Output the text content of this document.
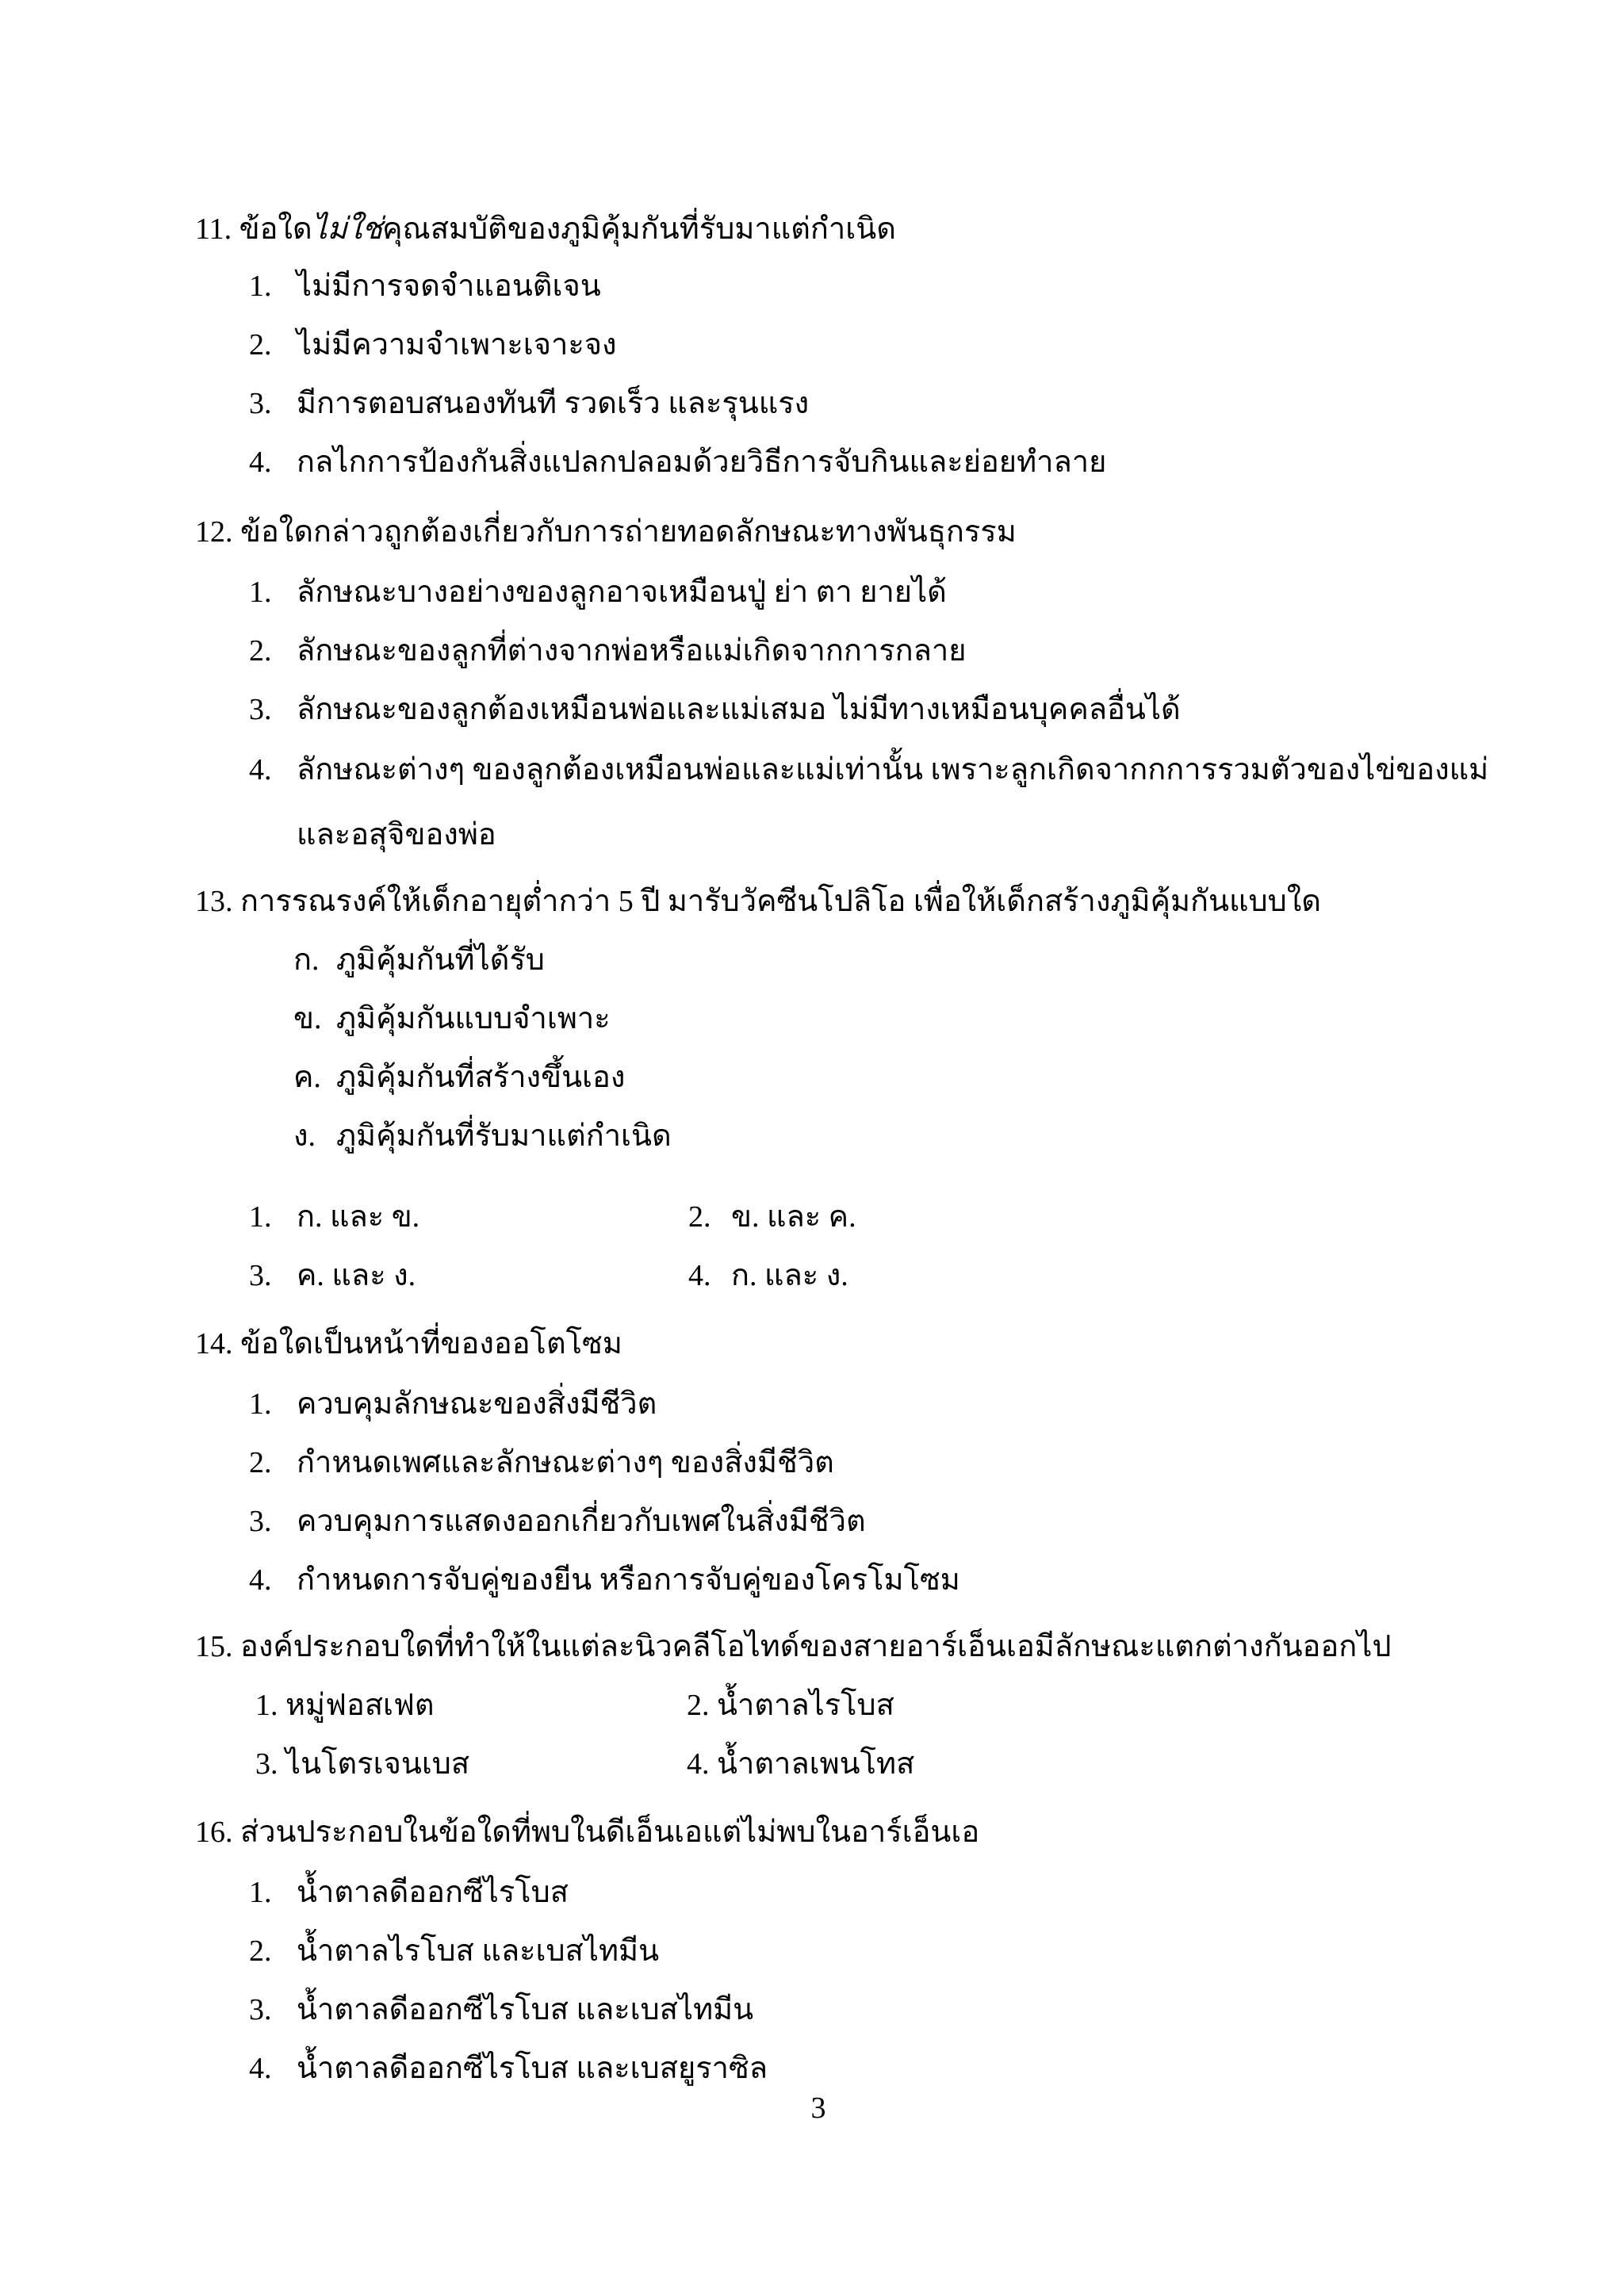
11. ข้อใดไม่ใช่คุณสมบัติของภูมิคุ้มกันที่รับมาแต่กำเนิด
1. ไม่มีการจดจำแอนติเจน
2. ไม่มีความจำเพาะเจาะจง
3. มีการตอบสนองทันที รวดเร็ว และรุนแรง
4. กลไกการป้องกันสิ่งแปลกปลอมด้วยวิธีการจับกินและย่อยทำลาย
12. ข้อใดกล่าวถูกต้องเกี่ยวกับการถ่ายทอดลักษณะทางพันธุกรรม
1. ลักษณะบางอย่างของลูกอาจเหมือนปู่ ย่า ตา ยายได้
2. ลักษณะของลูกที่ต่างจากพ่อหรือแม่เกิดจากการกลาย
3. ลักษณะของลูกต้องเหมือนพ่อและแม่เสมอ ไม่มีทางเหมือนบุคคลอื่นได้
4. ลักษณะต่างๆ ของลูกต้องเหมือนพ่อและแม่เท่านั้น เพราะลูกเกิดจากกการรวมตัวของไข่ของแม่
และอสุจิของพ่อ
13. การรณรงค์ให้เด็กอายุต่ำกว่า 5 ปี มารับวัคซีนโปลิโอ เพื่อให้เด็กสร้างภูมิคุ้มกันแบบใด
ก. ภูมิคุ้มกันที่ได้รับ
ข. ภูมิคุ้มกันแบบจำเพาะ
ค. ภูมิคุ้มกันที่สร้างขึ้นเอง
ง. ภูมิคุ้มกันที่รับมาแต่กำเนิด
1. ก. และ ข.	2. ข. และ ค.
3. ค. และ ง.	4. ก. และ ง.
14. ข้อใดเป็นหน้าที่ของออโตโซม
1. ควบคุมลักษณะของสิ่งมีชีวิต
2. กำหนดเพศและลักษณะต่างๆ ของสิ่งมีชีวิต
3. ควบคุมการแสดงออกเกี่ยวกับเพศในสิ่งมีชีวิต
4. กำหนดการจับคู่ของยีน หรือการจับคู่ของโครโมโซม
15. องค์ประกอบใดที่ทำให้ในแต่ละนิวคลีโอไทด์ของสายอาร์เอ็นเอมีลักษณะแตกต่างกันออกไป
1. หมู่ฟอสเฟต	2. น้ำตาลไรโบส
3. ไนโตรเจนเบส	4. น้ำตาลเพนโทส
16. ส่วนประกอบในข้อใดที่พบในดีเอ็นเอแต่ไม่พบในอาร์เอ็นเอ
1. น้ำตาลดีออกซีไรโบส
2. น้ำตาลไรโบส และเบสไทมีน
3. น้ำตาลดีออกซีไรโบส และเบสไทมีน
4. น้ำตาลดีออกซีไรโบส และเบสยูราซิล
3
